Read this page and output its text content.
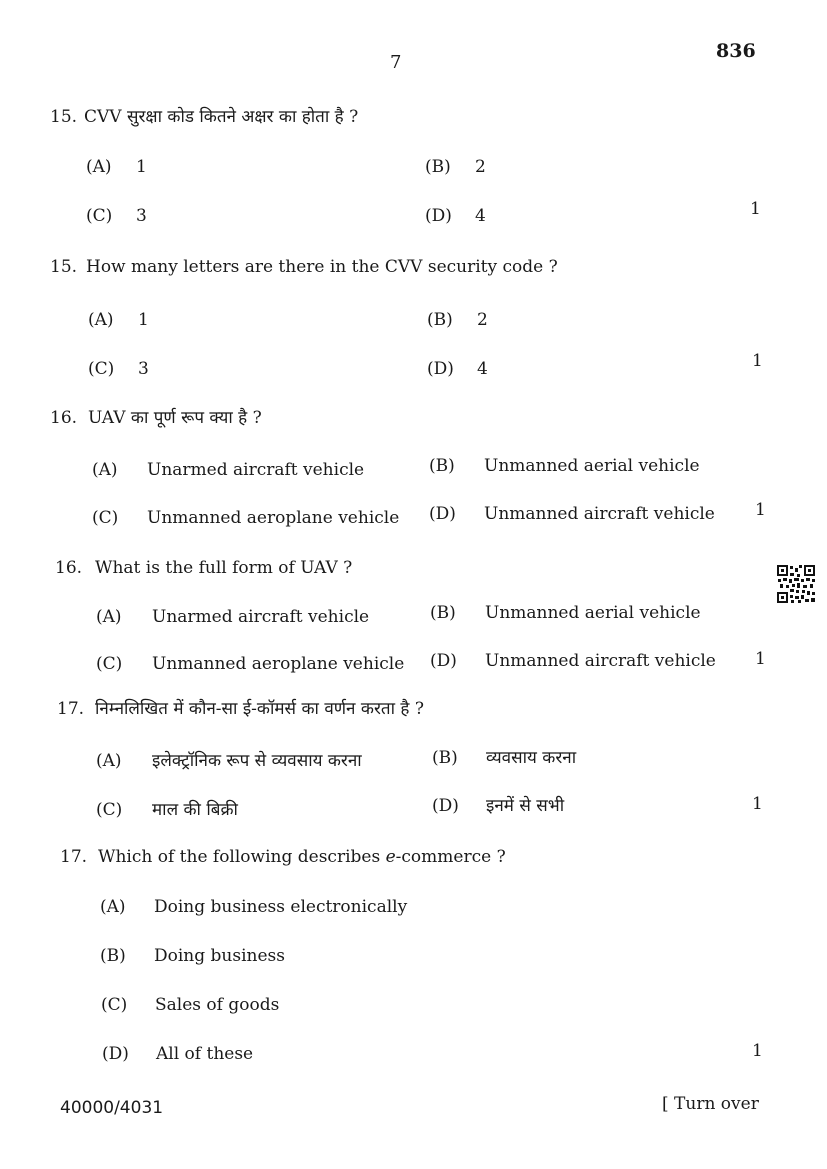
7
836
15. CVV सुरक्षा कोड कितने अक्षर का होता है ?
(A) 1	(B) 2
(C) 3	(D) 4	1
15. How many letters are there in the CVV security code ?
(A) 1	(B) 2
(C) 3	(D) 4	1
16. UAV का पूर्ण रूप क्या है ?
(A) Unarmed aircraft vehicle	(B) Unmanned aerial vehicle
(C) Unmanned aeroplane vehicle (D) Unmanned aircraft vehicle 1
16. What is the full form of UAV ?
(A) Unarmed aircraft vehicle	(B) Unmanned aerial vehicle
(C) Unmanned aeroplane vehicle (D) Unmanned aircraft vehicle 1
17. निम्नलिखित में कौन-सा ई-कॉमर्स का वर्णन करता है ?
(A) इलेक्ट्रॉनिक रूप से व्यवसाय करना	(B) व्यवसाय करना
(C) माल की बिक्री	(D) इनमें से सभी	1
17. Which of the following describes e-commerce ?
(A) Doing business electronically
(B) Doing business
(C) Sales of goods
(D) All of these	1
40000/4031	[ Turn over
